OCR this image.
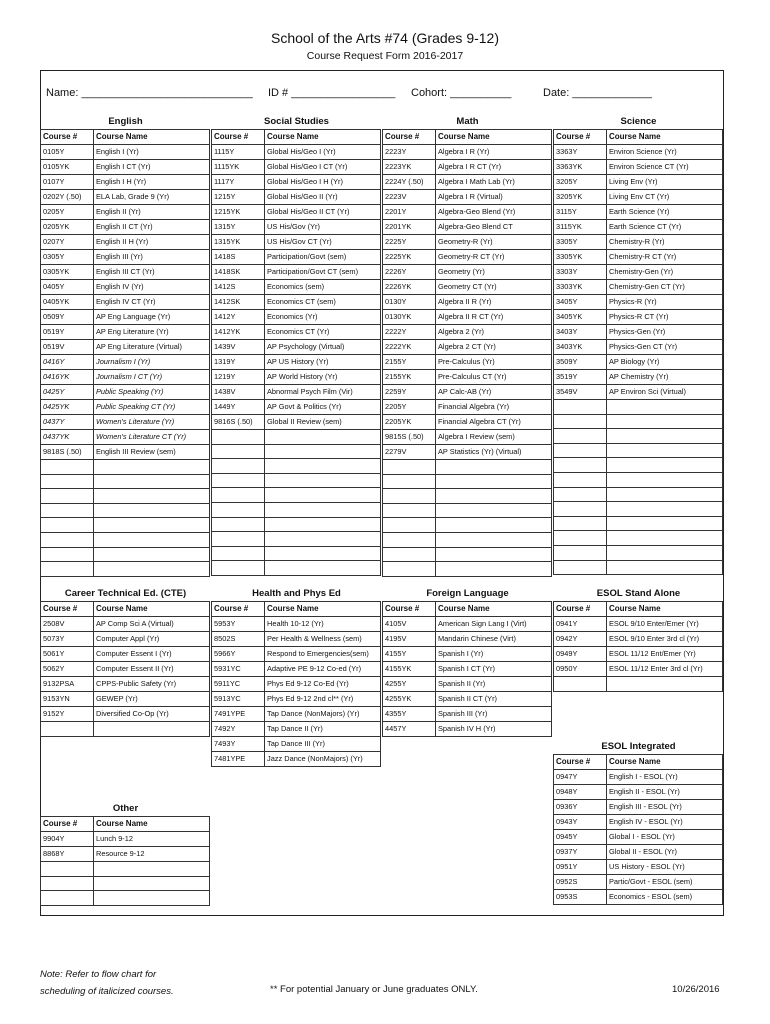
School of the Arts #74 (Grades 9-12)
Course Request Form 2016-2017
Name: ____________________________ ID # _________________ Cohort: __________	Date: _____________
English
Course #	Course Name
0105Y	English I (Yr)
0105YK	English I CT (Yr)
0107Y	English I H (Yr)
0202Y (.50)	ELA Lab, Grade 9 (Yr)
0205Y	English II (Yr)
0205YK	English II CT (Yr)
0207Y	English II H (Yr)
0305Y	English III (Yr)
0305YK	English III CT (Yr)
0405Y	English IV (Yr)
0405YK	English IV CT (Yr)
0509Y	AP Eng Language (Yr)
0519Y	AP Eng Literature (Yr)
0519V	AP Eng Literature (Virtual)
0416Y	Journalism I (Yr)
0416YK	Journalism I CT (Yr)
0425Y	Public Speaking (Yr)
0425YK	Public Speaking CT (Yr)
0437Y	Women's Literature (Yr)
0437YK	Women's Literature CT (Yr)
9818S (.50)	English III Review (sem)

Social Studies
Course #	Course Name
1115Y	Global His/Geo I (Yr)
1115YK	Global His/Geo I CT (Yr)
1117Y	Global His/Geo I H (Yr)
1215Y	Global His/Geo II (Yr)
1215YK	Global His/Geo II CT (Yr)
1315Y	US His/Gov (Yr)
1315YK	US His/Gov CT (Yr)
1418S	Participation/Govt (sem)
1418SK	Participation/Govt CT (sem)
1412S	Economics (sem)
1412SK	Economics CT (sem)
1412Y	Economics (Yr)
1412YK	Economics CT (Yr)
1439V	AP Psychology (Virtual)
1319Y	AP US History (Yr)
1219Y	AP World History (Yr)
1438V	Abnormal Psych Film (Vir)
1449Y	AP Govt & Politics (Yr)
9816S (.50)	Global II Review (sem)

Math
Course #	Course Name
2223Y	Algebra I R (Yr)
2223YK	Algebra I R CT (Yr)
2224Y (.50)	Algebra I Math Lab (Yr)
2223V	Algebra I R (Virtual)
2201Y	Algebra-Geo Blend (Yr)
2201YK	Algebra-Geo Blend CT
2225Y	Geometry-R (Yr)
2225YK	Geometry-R CT (Yr)
2226Y	Geometry (Yr)
2226YK	Geometry CT (Yr)
0130Y	Algebra II R (Yr)
0130YK	Algebra II R CT (Yr)
2222Y	Algebra 2 (Yr)
2222YK	Algebra 2 CT (Yr)
2155Y	Pre-Calculus (Yr)
2155YK	Pre-Calculus CT (Yr)
2259Y	AP Calc-AB (Yr)
2205Y	Financial Algebra (Yr)
2205YK	Financial Algebra CT (Yr)
9815S (.50)	Algebra I Review (sem)
2279V	AP Statistics (Yr) (Virtual)

Science
Course #	Course Name
3363Y	Environ Science (Yr)
3363YK	Environ Science CT (Yr)
3205Y	Living Env (Yr)
3205YK	Living Env CT (Yr)
3115Y	Earth Science (Yr)
3115YK	Earth Science CT (Yr)
3305Y	Chemistry-R (Yr)
3305YK	Chemistry-R CT (Yr)
3303Y	Chemistry-Gen (Yr)
3303YK	Chemistry-Gen CT (Yr)
3405Y	Physics-R (Yr)
3405YK	Physics-R CT (Yr)
3403Y	Physics-Gen (Yr)
3403YK	Physics-Gen CT (Yr)
3509Y	AP Biology (Yr)
3519Y	AP Chemistry (Yr)
3549V	AP Environ Sci (Virtual)

Career Technical Ed. (CTE)
Course #	Course Name
2508V	AP Comp Sci A (Virtual)
5073Y	Computer Appl (Yr)
5061Y	Computer Essent I (Yr)
5062Y	Computer Essent II (Yr)
9132PSA	CPPS-Public Safety (Yr)
9153YN	GEWEP (Yr)
9152Y	Diversified Co-Op (Yr)

Health and Phys Ed
Course #	Course Name
5953Y	Health 10-12 (Yr)
8502S	Per Health & Wellness (sem)
5966Y	Respond to Emergencies(sem)
5931YC	Adaptive PE 9-12 Co-ed (Yr)
5911YC	Phys Ed 9-12 Co-Ed (Yr)
5913YC	Phys Ed 9-12 2nd cl** (Yr)
7491YPE	Tap Dance (NonMajors) (Yr)
7492Y	Tap Dance II (Yr)
7493Y	Tap Dance III (Yr)
7481YPE	Jazz Dance (NonMajors) (Yr)
Foreign Language
Course #	Course Name
4105V	American Sign Lang I (Virt)
4195V	Mandarin Chinese (Virt)
4155Y	Spanish I (Yr)
4155YK	Spanish I CT (Yr)
4255Y	Spanish II (Yr)
4255YK	Spanish II CT (Yr)
4355Y	Spanish III (Yr)
4457Y	Spanish IV H (Yr)
ESOL Stand Alone
Course #	Course Name
0941Y	ESOL 9/10 Enter/Emer (Yr)
0942Y	ESOL 9/10 Enter 3rd cl (Yr)
0949Y	ESOL 11/12 Ent/Emer (Yr)
0950Y	ESOL 11/12 Enter 3rd cl (Yr)

Other
Course #	Course Name
9904Y	Lunch 9-12
8868Y	Resource 9-12

ESOL Integrated
Course #	Course Name
0947Y	English I - ESOL (Yr)
0948Y	English II - ESOL (Yr)
0936Y	English III - ESOL (Yr)
0943Y	English IV - ESOL (Yr)
0945Y	Global I - ESOL (Yr)
0937Y	Global II - ESOL (Yr)
0951Y	US History - ESOL (Yr)
0952S	Partic/Govt - ESOL (sem)
0953S	Economics - ESOL (sem)
Note: Refer to flow chart for
scheduling of italicized courses.	** For potential January or June graduates ONLY.	10/26/2016
